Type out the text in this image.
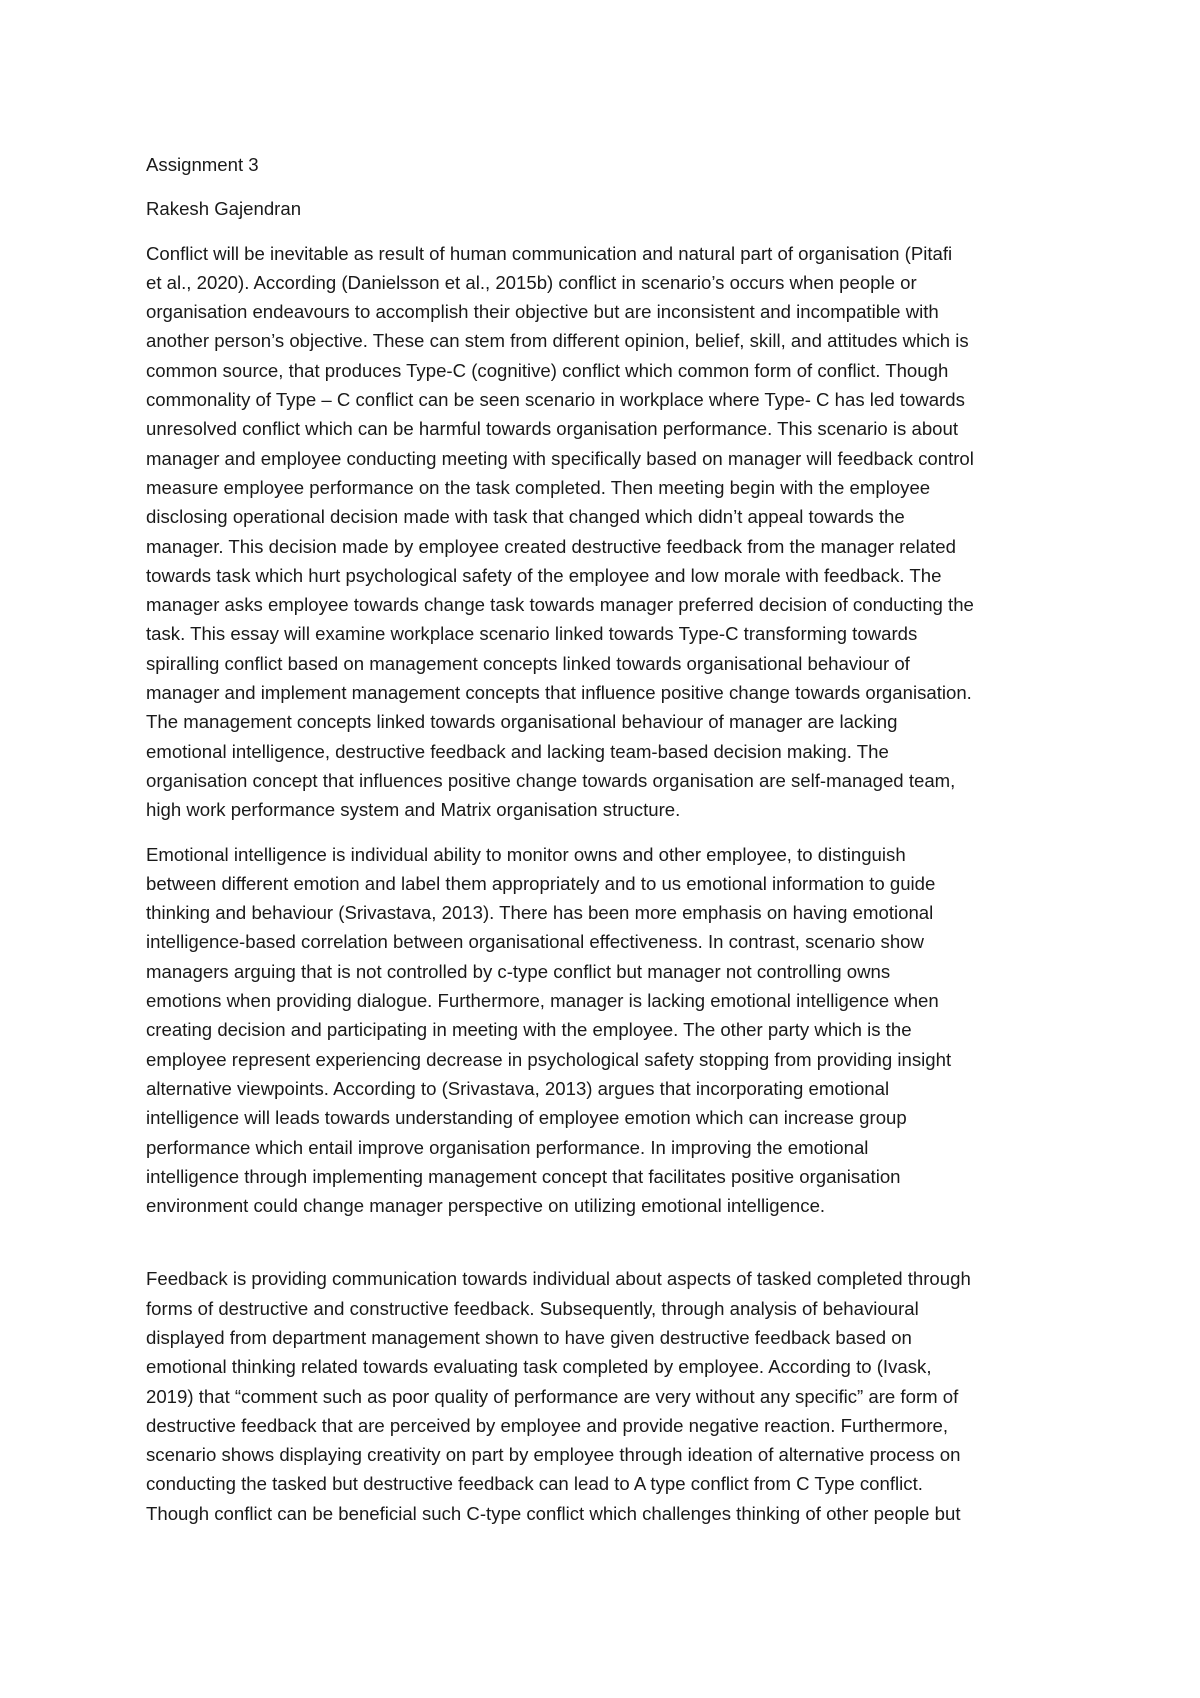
Assignment 3
Rakesh Gajendran
Conflict will be inevitable as result of human communication and natural part of organisation (Pitafi
et al., 2020). According (Danielsson et al., 2015b) conflict in scenario’s occurs when people or
organisation endeavours to accomplish their objective but are inconsistent and incompatible with
another person’s objective. These can stem from different opinion, belief, skill, and attitudes which is
common source, that produces Type-C (cognitive) conflict which common form of conflict. Though
commonality of Type – C conflict can be seen scenario in workplace where Type- C has led towards
unresolved conflict which can be harmful towards organisation performance. This scenario is about
manager and employee conducting meeting with specifically based on manager will feedback control
measure employee performance on the task completed. Then meeting begin with the employee
disclosing operational decision made with task that changed which didn’t appeal towards the
manager. This decision made by employee created destructive feedback from the manager related
towards task which hurt psychological safety of the employee and low morale with feedback. The
manager asks employee towards change task towards manager preferred decision of conducting the
task. This essay will examine workplace scenario linked towards Type-C transforming towards
spiralling conflict based on management concepts linked towards organisational behaviour of
manager and implement management concepts that influence positive change towards organisation.
The management concepts linked towards organisational behaviour of manager are lacking
emotional intelligence, destructive feedback and lacking team-based decision making. The
organisation concept that influences positive change towards organisation are self-managed team,
high work performance system and Matrix organisation structure.
Emotional intelligence is individual ability to monitor owns and other employee, to distinguish
between different emotion and label them appropriately and to us emotional information to guide
thinking and behaviour (Srivastava, 2013). There has been more emphasis on having emotional
intelligence-based correlation between organisational effectiveness. In contrast, scenario show
managers arguing that is not controlled by c-type conflict but manager not controlling owns
emotions when providing dialogue. Furthermore, manager is lacking emotional intelligence when
creating decision and participating in meeting with the employee. The other party which is the
employee represent experiencing decrease in psychological safety stopping from providing insight
alternative viewpoints. According to (Srivastava, 2013) argues that incorporating emotional
intelligence will leads towards understanding of employee emotion which can increase group
performance which entail improve organisation performance. In improving the emotional
intelligence through implementing management concept that facilitates positive organisation
environment could change manager perspective on utilizing emotional intelligence.
Feedback is providing communication towards individual about aspects of tasked completed through
forms of destructive and constructive feedback. Subsequently, through analysis of behavioural
displayed from department management shown to have given destructive feedback based on
emotional thinking related towards evaluating task completed by employee. According to (Ivask,
2019) that “comment such as poor quality of performance are very without any specific” are form of
destructive feedback that are perceived by employee and provide negative reaction. Furthermore,
scenario shows displaying creativity on part by employee through ideation of alternative process on
conducting the tasked but destructive feedback can lead to A type conflict from C Type conflict.
Though conflict can be beneficial such C-type conflict which challenges thinking of other people but
